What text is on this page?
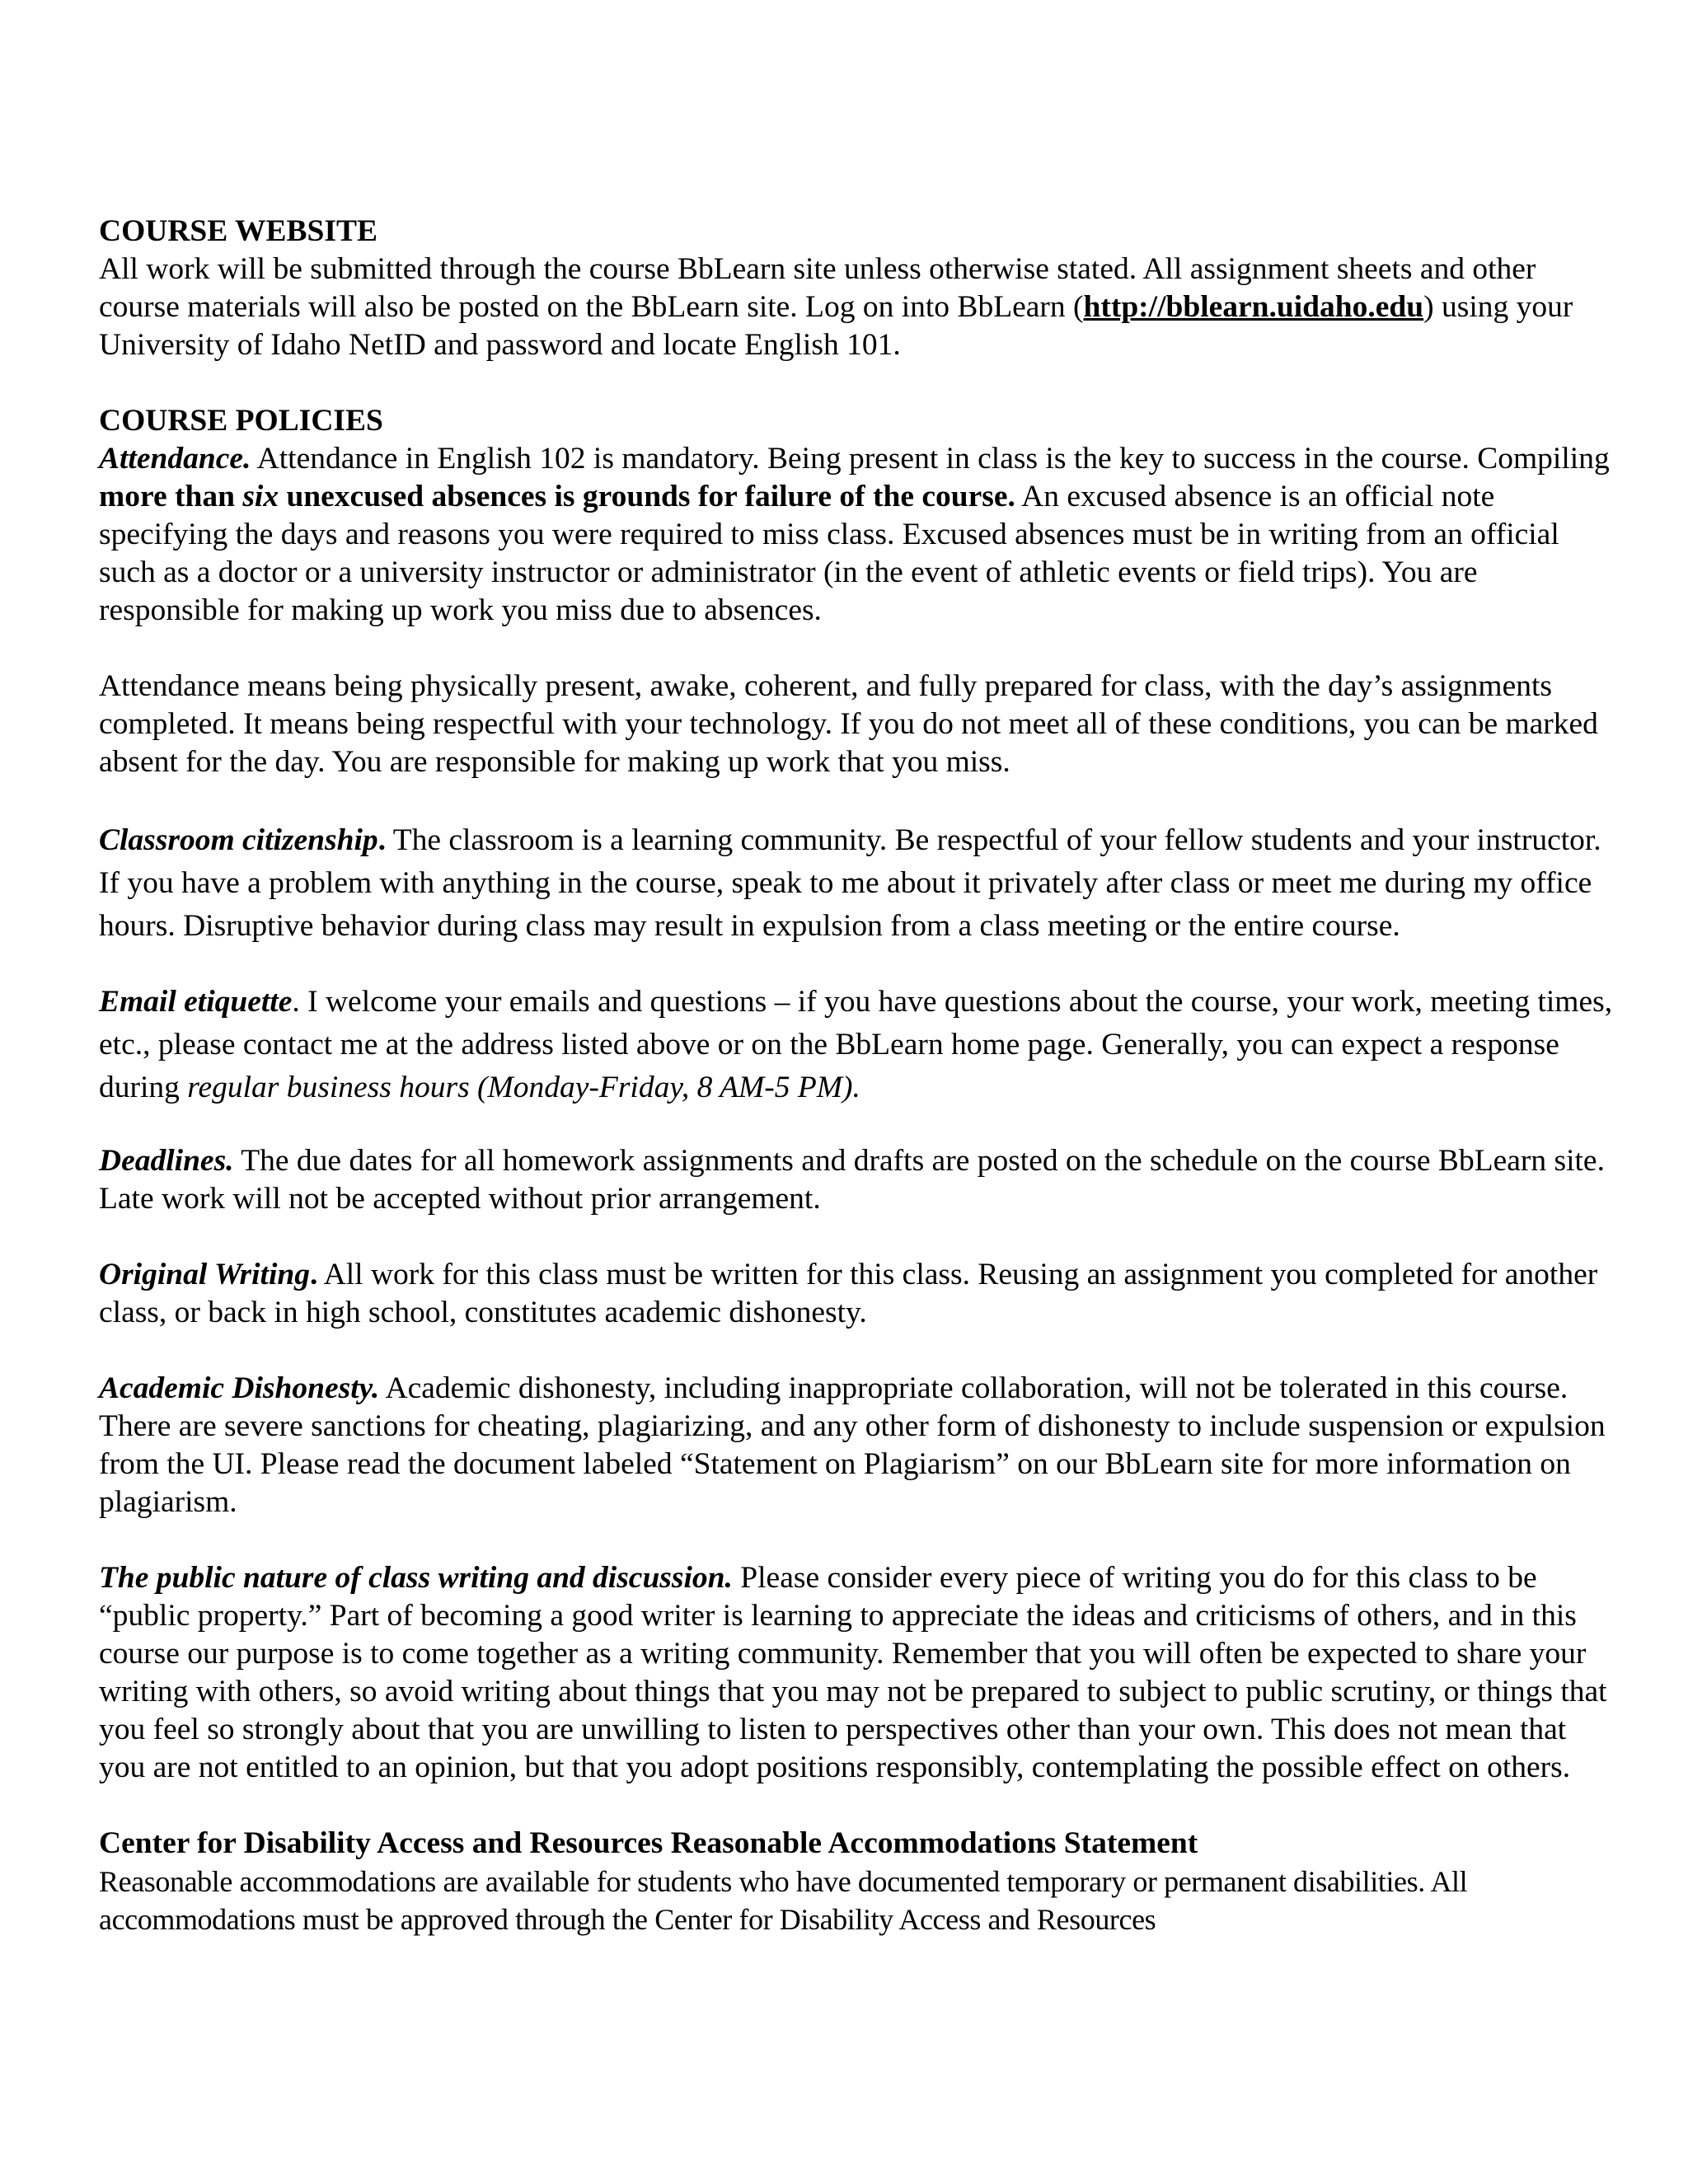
COURSE WEBSITE

All work will be submitted through the course BbLearn site unless otherwise stated. All assignment sheets and other course materials will also be posted on the BbLearn site. Log on into BbLearn (http://bblearn.uidaho.edu) using your University of Idaho NetID and password and locate English 101.

COURSE POLICIES

Attendance. Attendance in English 102 is mandatory. Being present in class is the key to success in the course. Compiling more than six unexcused absences is grounds for failure of the course. An excused absence is an official note specifying the days and reasons you were required to miss class. Excused absences must be in writing from an official such as a doctor or a university instructor or administrator (in the event of athletic events or field trips). You are responsible for making up work you miss due to absences.

Attendance means being physically present, awake, coherent, and fully prepared for class, with the day’s assignments completed. It means being respectful with your technology. If you do not meet all of these conditions, you can be marked absent for the day. You are responsible for making up work that you miss.

Classroom citizenship. The classroom is a learning community. Be respectful of your fellow students and your instructor. If you have a problem with anything in the course, speak to me about it privately after class or meet me during my office hours. Disruptive behavior during class may result in expulsion from a class meeting or the entire course.

Email etiquette. I welcome your emails and questions – if you have questions about the course, your work, meeting times, etc., please contact me at the address listed above or on the BbLearn home page. Generally, you can expect a response during regular business hours (Monday-Friday, 8 AM-5 PM).

Deadlines. The due dates for all homework assignments and drafts are posted on the schedule on the course BbLearn site. Late work will not be accepted without prior arrangement.

Original Writing. All work for this class must be written for this class. Reusing an assignment you completed for another class, or back in high school, constitutes academic dishonesty.

Academic Dishonesty. Academic dishonesty, including inappropriate collaboration, will not be tolerated in this course. There are severe sanctions for cheating, plagiarizing, and any other form of dishonesty to include suspension or expulsion from the UI. Please read the document labeled “Statement on Plagiarism” on our BbLearn site for more information on plagiarism.

The public nature of class writing and discussion. Please consider every piece of writing you do for this class to be “public property.” Part of becoming a good writer is learning to appreciate the ideas and criticisms of others, and in this course our purpose is to come together as a writing community. Remember that you will often be expected to share your writing with others, so avoid writing about things that you may not be prepared to subject to public scrutiny, or things that you feel so strongly about that you are unwilling to listen to perspectives other than your own. This does not mean that you are not entitled to an opinion, but that you adopt positions responsibly, contemplating the possible effect on others.

Center for Disability Access and Resources Reasonable Accommodations Statement

Reasonable accommodations are available for students who have documented temporary or permanent disabilities. All accommodations must be approved through the Center for Disability Access and Resources
